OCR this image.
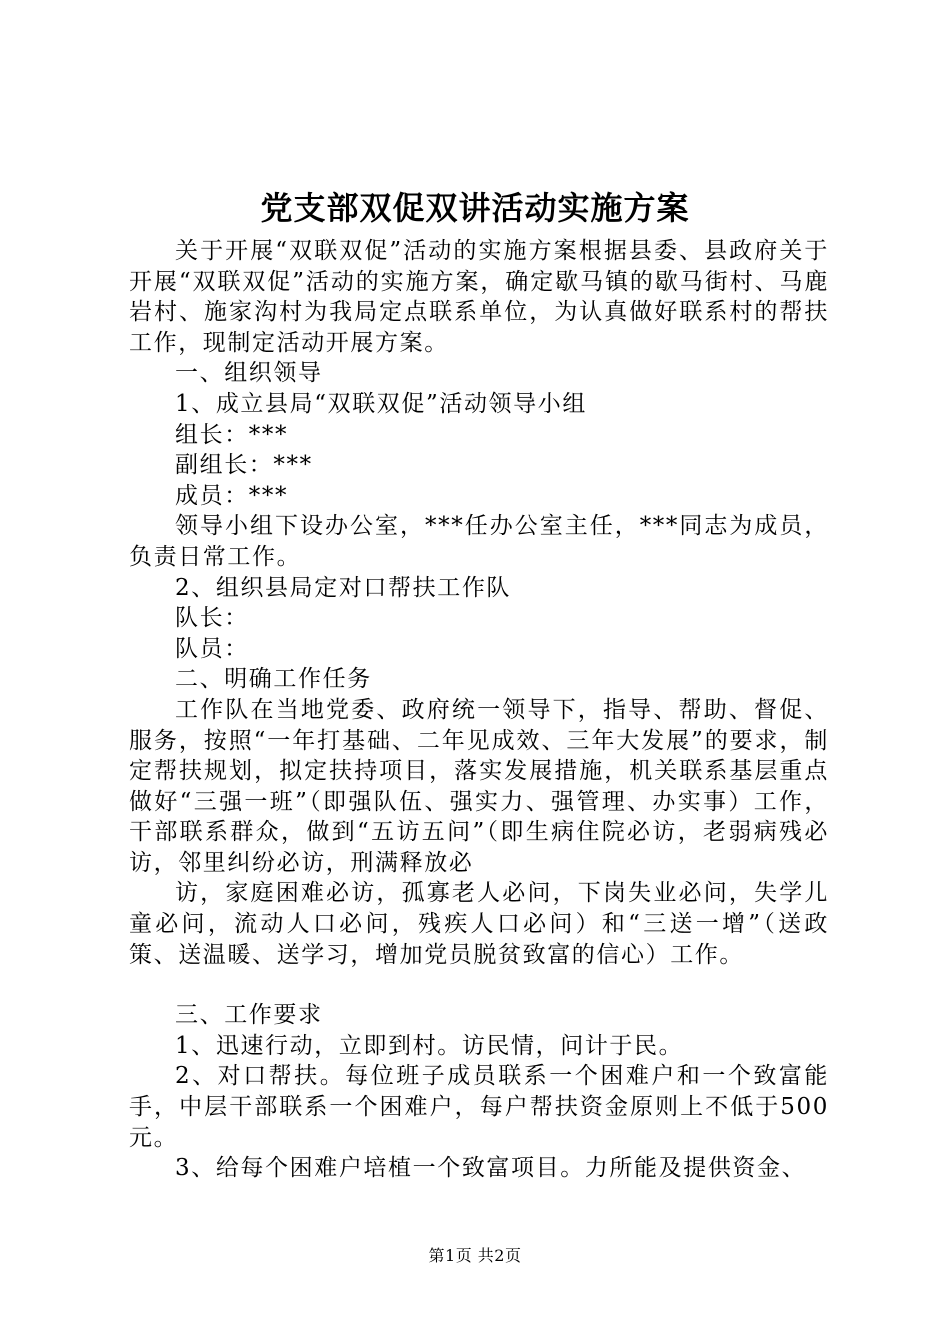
党支部双促双讲活动实施方案

关于开展“双联双促”活动的实施方案根据县委、县政府关于开展“双联双促”活动的实施方案，确定歇马镇的歇马街村、马鹿岩村、施家沟村为我局定点联系单位，为认真做好联系村的帮扶工作，现制定活动开展方案。

一、组织领导

1、成立县局“双联双促”活动领导小组

组长：***

副组长：***

成员：***

领导小组下设办公室，***任办公室主任，***同志为成员，负责日常工作。

2、组织县局定对口帮扶工作队

队长：

队员：

二、明确工作任务

工作队在当地党委、政府统一领导下，指导、帮助、督促、服务，按照“一年打基础、二年见成效、三年大发展”的要求，制定帮扶规划，拟定扶持项目，落实发展措施，机关联系基层重点做好“三强一班”（即强队伍、强实力、强管理、办实事）工作，干部联系群众，做到“五访五问”（即生病住院必访，老弱病残必访，邻里纠纷必访，刑满释放必

访，家庭困难必访，孤寡老人必问，下岗失业必问，失学儿童必问，流动人口必问，残疾人口必问）和“三送一增”（送政策、送温暖、送学习，增加党员脱贫致富的信心）工作。

三、工作要求

1、迅速行动，立即到村。访民情，问计于民。

2、对口帮扶。每位班子成员联系一个困难户和一个致富能手，中层干部联系一个困难户，每户帮扶资金原则上不低于500元。

3、给每个困难户培植一个致富项目。力所能及提供资金、

第1页 共2页
